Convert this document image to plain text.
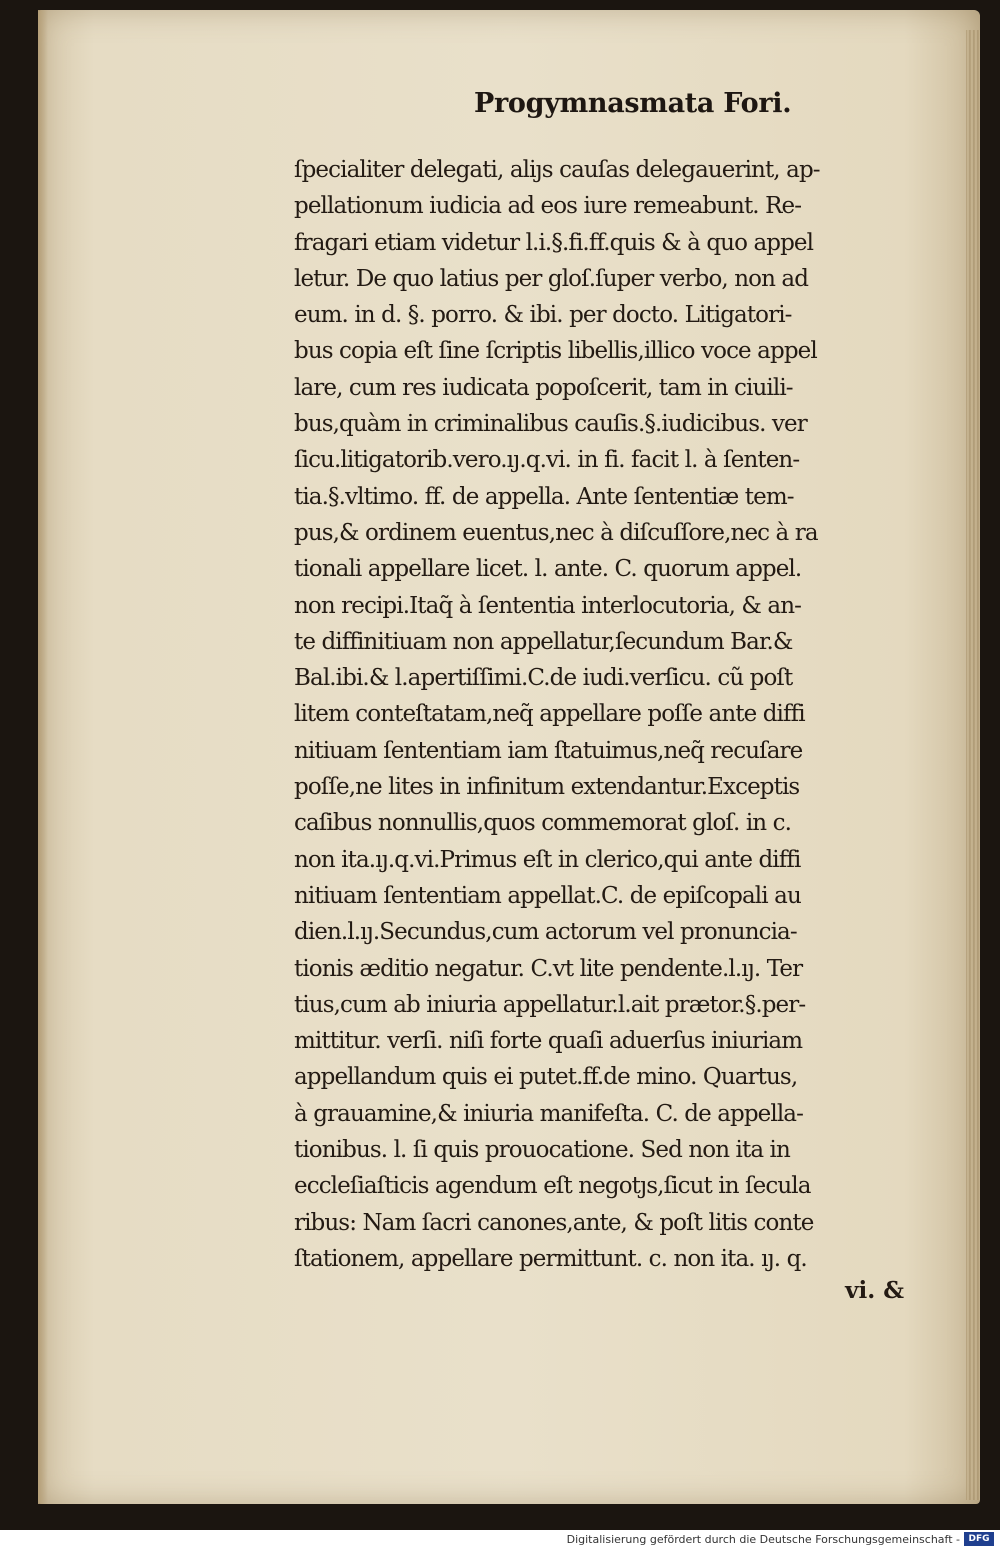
Progymnasmata Fori.
ſpecialiter delegati, aliȷs cauſas delegauerint, ap-
pellationum iudicia ad eos iure remeabunt. Re-
fragari etiam videtur l.i.§.fi.ff.quis & à quo appel
letur. De quo latius per gloſ.ſuper verbo, non ad
eum. in d. §. porro. & ibi. per docto. Litigatori-
bus copia eſt ſine ſcriptis libellis,illico voce appel
lare, cum res iudicata popoſcerit, tam in ciuili-
bus,quàm in criminalibus cauſis.§.iudicibus. ver
ſicu.litigatorib.vero.ıȷ.q.vi. in fi. facit l. à ſenten-
tia.§.vltimo. ff. de appella. Ante ſententiæ tem-
pus,& ordinem euentus,nec à diſcuſſore,nec à ra
tionali appellare licet. l. ante. C. quorum appel.
non recipi.Itaq̃ à ſententia interlocutoria, & an-
te diffinitiuam non appellatur,ſecundum Bar.&
Bal.ibi.& l.apertiſſimi.C.de iudi.verſicu. cũ poſt
litem conteſtatam,neq̃ appellare poſſe ante diffi
nitiuam ſententiam iam ſtatuimus,neq̃ recuſare
poſſe,ne lites in infinitum extendantur.Exceptis
caſibus nonnullis,quos commemorat gloſ. in c.
non ita.ıȷ.q.vi.Primus eſt in clerico,qui ante diffi
nitiuam ſententiam appellat.C. de epiſcopali au
dien.l.ıȷ.Secundus,cum actorum vel pronuncia-
tionis æditio negatur. C.vt lite pendente.l.ıȷ. Ter
tius,cum ab iniuria appellatur.l.ait prætor.§.per-
mittitur. verſi. niſi forte quaſi aduerſus iniuriam
appellandum quis ei putet.ff.de mino. Quartus,
à grauamine,& iniuria manifeſta. C. de appella-
tionibus. l. ſi quis prouocatione. Sed non ita in
eccleſiaſticis agendum eſt negotȷs,ſicut in ſecula
ribus: Nam ſacri canones,ante, & poſt litis conte
ſtationem, appellare permittunt. c. non ita. ıȷ. q.
vi. &
Digitalisierung gefördert durch die Deutsche Forschungsgemeinschaft - DFG
